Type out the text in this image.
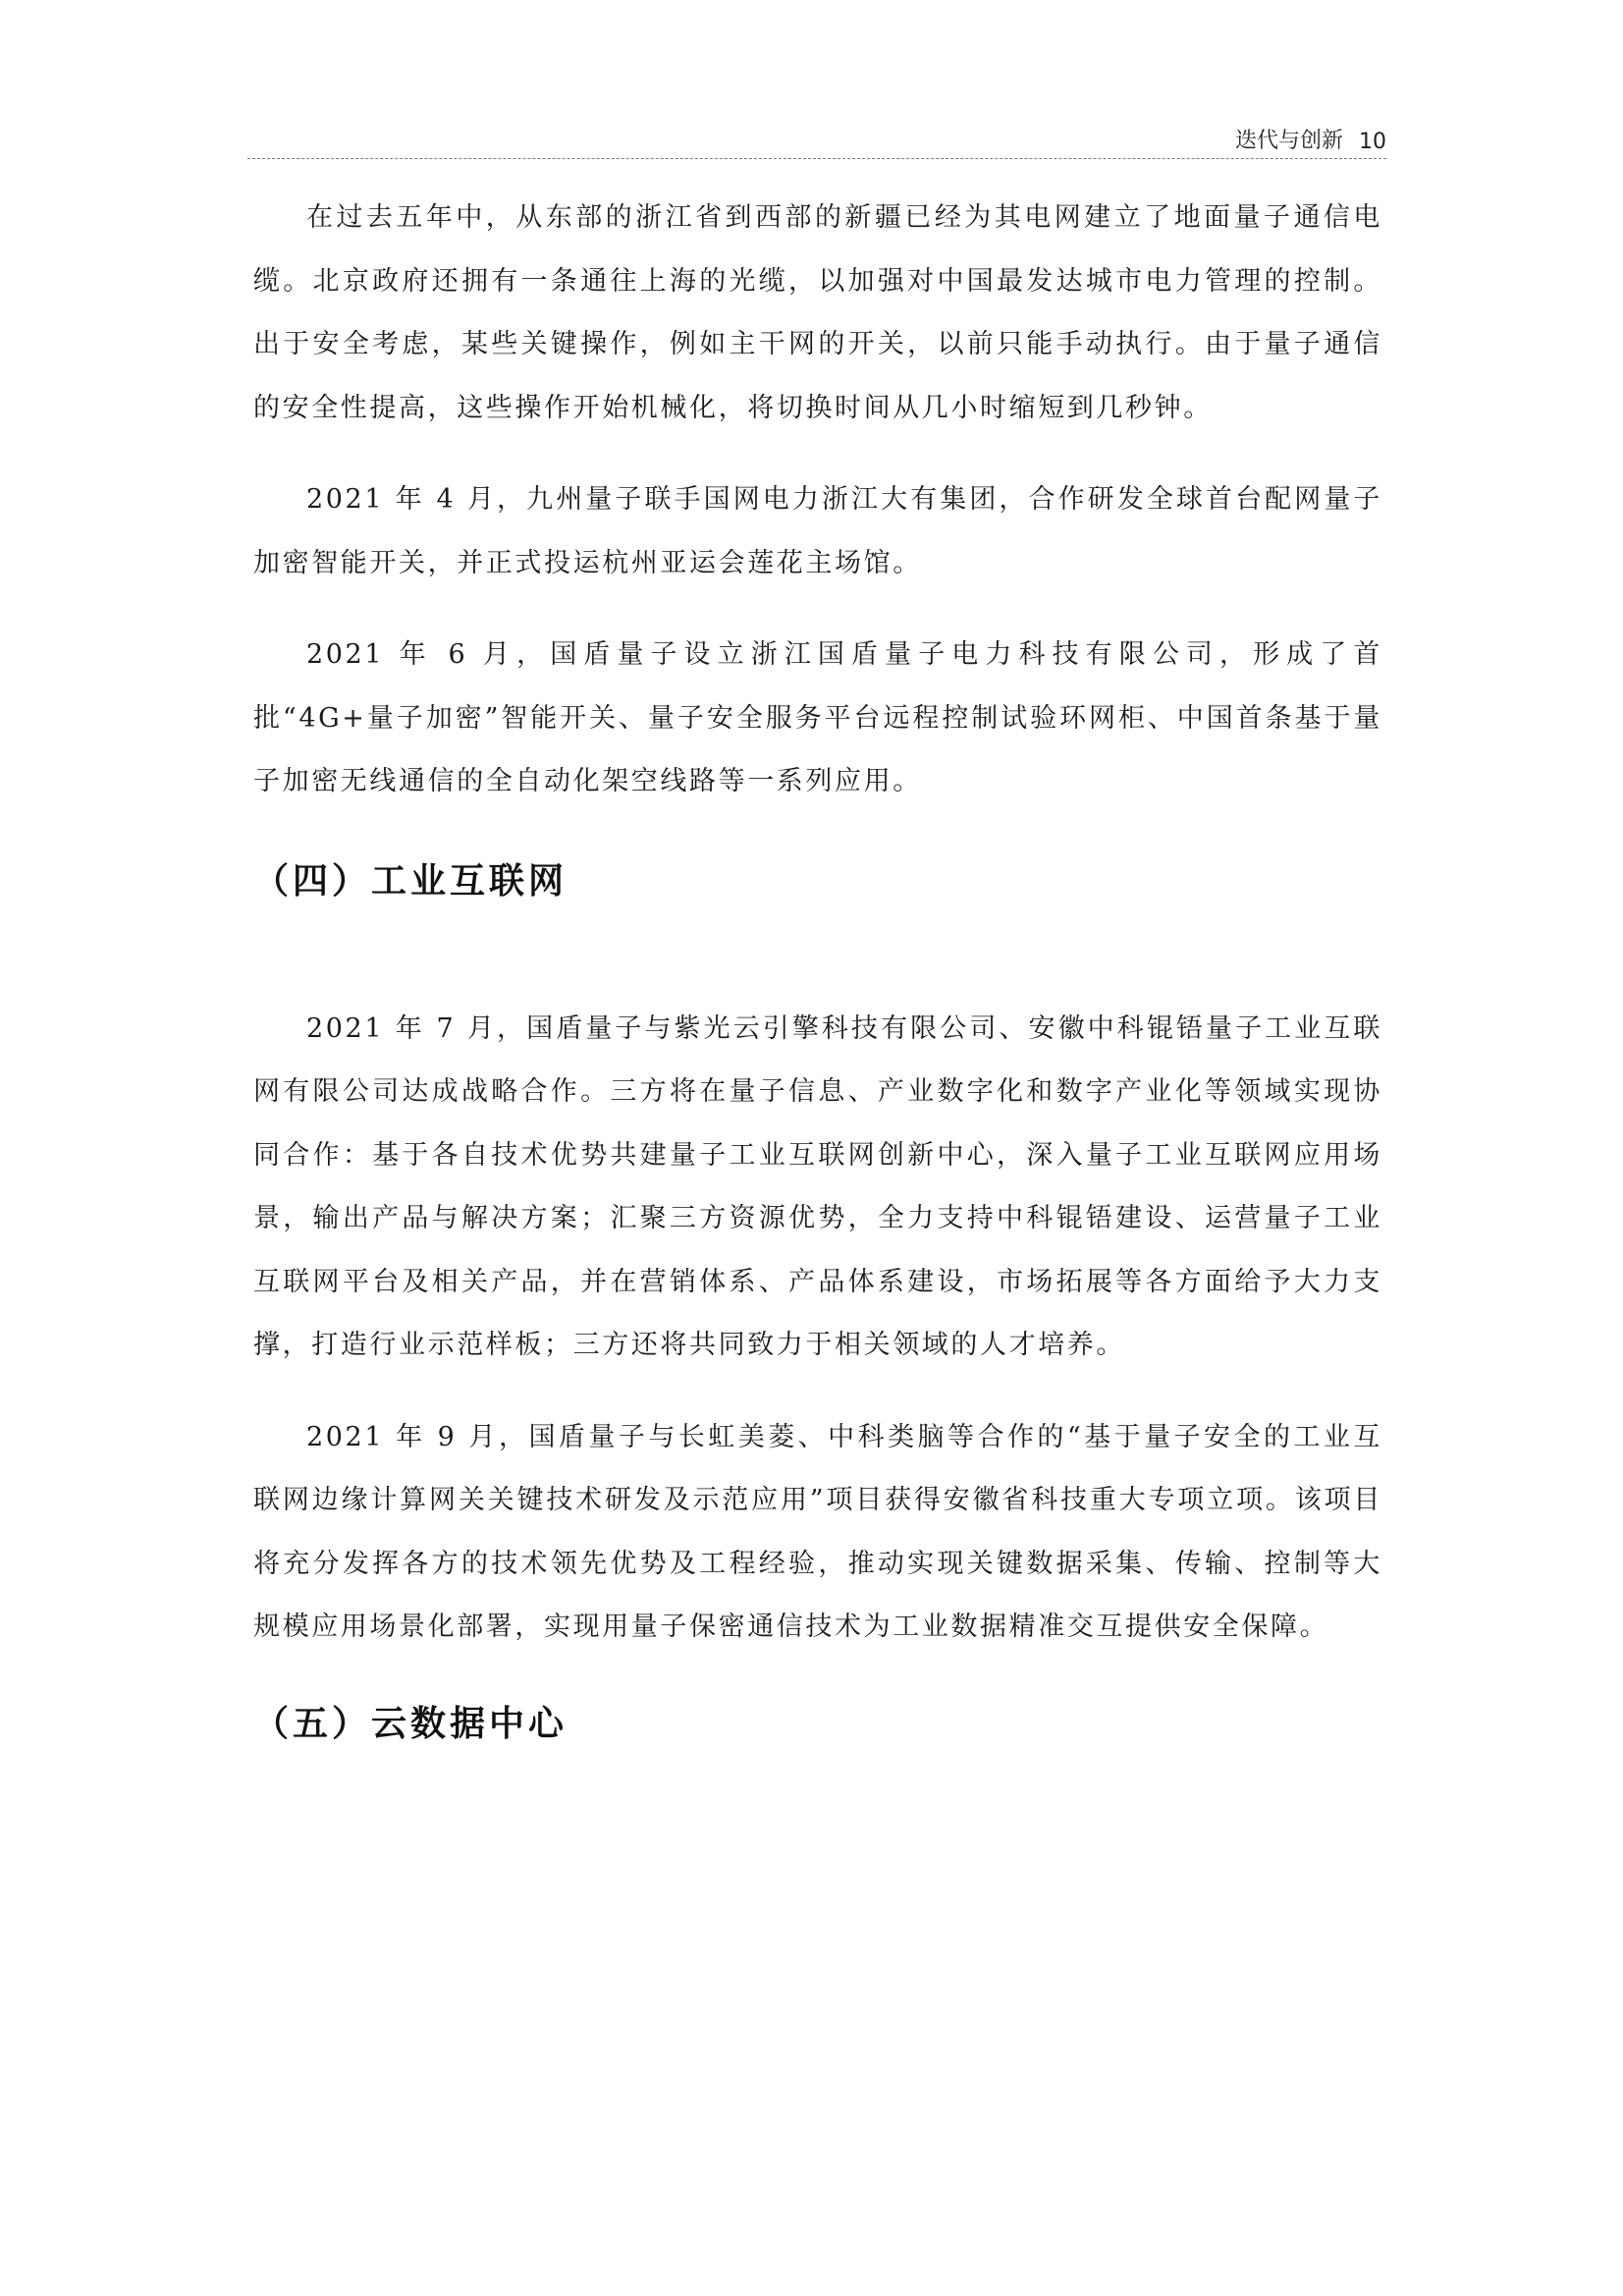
迭代与创新 10

在过去五年中，从东部的浙江省到西部的新疆已经为其电网建立了地面量子通信电缆。北京政府还拥有一条通往上海的光缆，以加强对中国最发达城市电力管理的控制。出于安全考虑，某些关键操作，例如主干网的开关，以前只能手动执行。由于量子通信的安全性提高，这些操作开始机械化，将切换时间从几小时缩短到几秒钟。

2021 年 4 月，九州量子联手国网电力浙江大有集团，合作研发全球首台配网量子加密智能开关，并正式投运杭州亚运会莲花主场馆。

2021 年 6 月，国盾量子设立浙江国盾量子电力科技有限公司，形成了首批“4G+量子加密”智能开关、量子安全服务平台远程控制试验环网柜、中国首条基于量子加密无线通信的全自动化架空线路等一系列应用。

（四）工业互联网

2021 年 7 月，国盾量子与紫光云引擎科技有限公司、安徽中科锟铻量子工业互联网有限公司达成战略合作。三方将在量子信息、产业数字化和数字产业化等领域实现协同合作：基于各自技术优势共建量子工业互联网创新中心，深入量子工业互联网应用场景，输出产品与解决方案；汇聚三方资源优势，全力支持中科锟铻建设、运营量子工业互联网平台及相关产品，并在营销体系、产品体系建设，市场拓展等各方面给予大力支撑，打造行业示范样板；三方还将共同致力于相关领域的人才培养。

2021 年 9 月，国盾量子与长虹美菱、中科类脑等合作的“基于量子安全的工业互联网边缘计算网关关键技术研发及示范应用”项目获得安徽省科技重大专项立项。该项目将充分发挥各方的技术领先优势及工程经验，推动实现关键数据采集、传输、控制等大规模应用场景化部署，实现用量子保密通信技术为工业数据精准交互提供安全保障。

（五）云数据中心
